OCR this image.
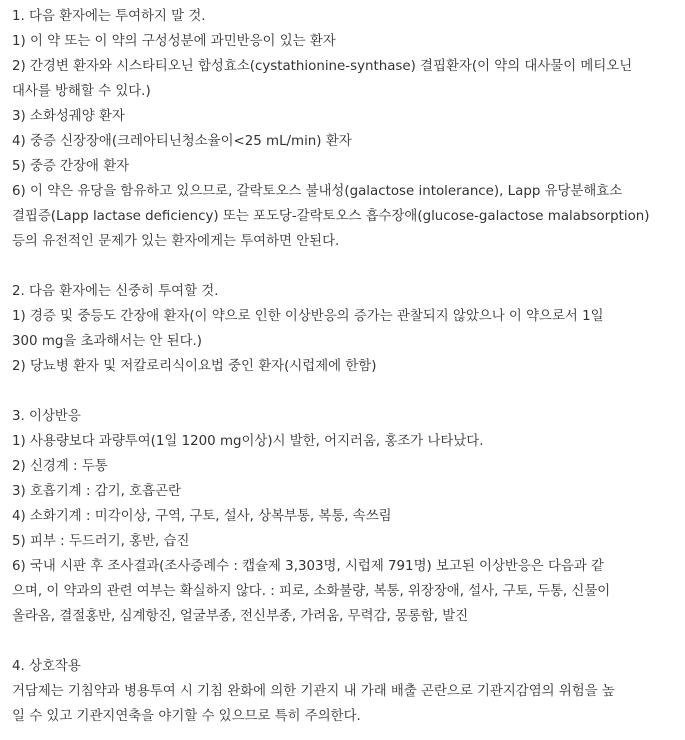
1. 다음 환자에는 투여하지 말 것.
1) 이 약 또는 이 약의 구성성분에 과민반응이 있는 환자
2) 간경변 환자와 시스타티오닌 합성효소(cystathionine-synthase) 결핍환자(이 약의 대사물이 메티오닌
대사를 방해할 수 있다.)
3) 소화성궤양 환자
4) 중증 신장장애(크레아티닌청소율이<25 mL/min) 환자
5) 중증 간장애 환자
6) 이 약은 유당을 함유하고 있으므로, 갈락토오스 불내성(galactose intolerance), Lapp 유당분해효소
결핍증(Lapp lactase deficiency) 또는 포도당-갈락토오스 흡수장애(glucose-galactose malabsorption)
등의 유전적인 문제가 있는 환자에게는 투여하면 안된다.
2. 다음 환자에는 신중히 투여할 것.
1) 경증 및 중등도 간장애 환자(이 약으로 인한 이상반응의 증가는 관찰되지 않았으나 이 약으로서 1일
300 mg을 초과해서는 안 된다.)
2) 당뇨병 환자 및 저칼로리식이요법 중인 환자(시럽제에 한함)
3. 이상반응
1) 사용량보다 과량투여(1일 1200 mg이상)시 발한, 어지러움, 홍조가 나타났다.
2) 신경계 : 두통
3) 호흡기계 : 감기, 호흡곤란
4) 소화기계 : 미각이상, 구역, 구토, 설사, 상복부통, 복통, 속쓰림
5) 피부 : 두드러기, 홍반, 습진
6) 국내 시판 후 조사결과(조사증례수 : 캡슐제 3,303명, 시럽제 791명) 보고된 이상반응은 다음과 같
으며, 이 약과의 관련 여부는 확실하지 않다. : 피로, 소화불량, 복통, 위장장애, 설사, 구토, 두통, 신물이
올라옴, 결절홍반, 심계항진, 얼굴부종, 전신부종, 가려움, 무력감, 몽롱함, 발진
4. 상호작용
거담제는 기침약과 병용투여 시 기침 완화에 의한 기관지 내 가래 배출 곤란으로 기관지감염의 위험을 높
일 수 있고 기관지연축을 야기할 수 있으므로 특히 주의한다.
